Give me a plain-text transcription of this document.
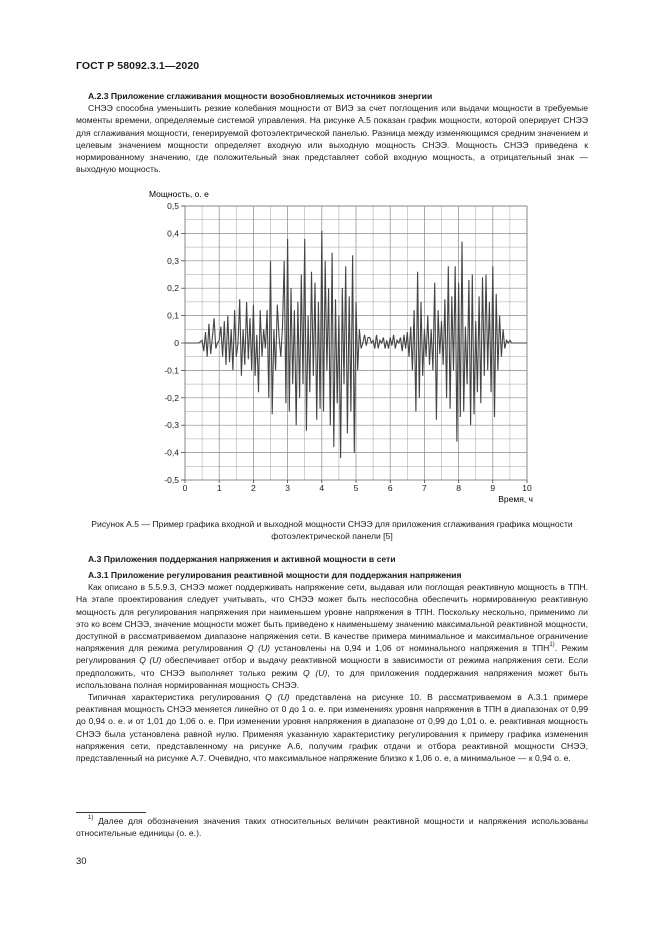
ГОСТ Р 58092.3.1—2020

А.2.3 Приложение сглаживания мощности возобновляемых источников энергии

СНЭЭ способна уменьшить резкие колебания мощности от ВИЭ за счет поглощения или выдачи мощности в требуемые моменты времени, определяемые системой управления. На рисунке А.5 показан график мощности, которой оперирует СНЭЭ для сглаживания мощности, генерируемой фотоэлектрической панелью. Разница между изменяющимся средним значением и целевым значением мощности определяет входную или выходную мощность СНЭЭ. Мощность СНЭЭ приведена к нормированному значению, где положительный знак представляет собой входную мощность, а отрицательный знак — выходную мощность.

0,5
0,4
0,3
0,2
0,1
0
-0,1
-0,2
-0,3
-0,4
-0,5
0	1	2	3	4	5	6	7	8	9	10
Мощность, о. е
Время, ч
Рисунок А.5 — Пример графика входной и выходной мощности СНЭЭ для приложения сглаживания графика мощности фотоэлектрической панели [5]

А.3 Приложения поддержания напряжения и активной мощности в сети

А.3.1 Приложение регулирования реактивной мощности для поддержания напряжения

Как описано в 5.5.9.3, СНЭЭ может поддерживать напряжение сети, выдавая или поглощая реактивную мощность в ТПН. На этапе проектирования следует учитывать, что СНЭЭ может быть неспособна обеспечить нормированную реактивную мощность для регулирования напряжения при наименьшем уровне напряжения в ТПН. Поскольку нескольно, применимо ли это ко всем СНЭЭ, значение мощности может быть приведено к наименьшему значению максимальной реактивной мощности, доступной в рассматриваемом диапазоне напряжения сети. В качестве примера минимальное и максимальное ограничение напряжения для режима регулирования Q (U) установлены на 0,94 и 1,06 от номинального напряжения в ТПН$^{1)}$. Режим регулирования Q (U) обеспечивает отбор и выдачу реактивной мощности в зависимости от режима напряжения сети. Если предположить, что СНЭЭ выполняет только режим Q (U), то для приложения поддержания напряжения может быть использована полная нормированная мощность СНЭЭ.

Типичная характеристика регулирования Q (U) представлена на рисунке 10. В рассматриваемом в А.3.1 примере реактивная мощность СНЭЭ меняется линейно от 0 до 1 о. е. при изменениях уровня напряжения в ТПН в диапазонах от 0,99 до 0,94 о. е. и от 1,01 до 1,06 о. е. При изменении уровня напряжения в диапазоне от 0,99 до 1,01 о. е. реактивная мощность СНЭЭ была установлена равной нулю. Применяя указанную характеристику регулирования к примеру графика изменения напряжения сети, представленному на рисунке А.6, получим график отдачи и отбора реактивной мощности СНЭЭ, представленный на рисунке А.7. Очевидно, что максимальное напряжение близко к 1,06 о. е, а минимальное — к 0,94 о. е.

$^{1)}$ Далее для обозначения значения таких относительных величин реактивной мощности и напряжения использованы относительные единицы (о. е.).

30
